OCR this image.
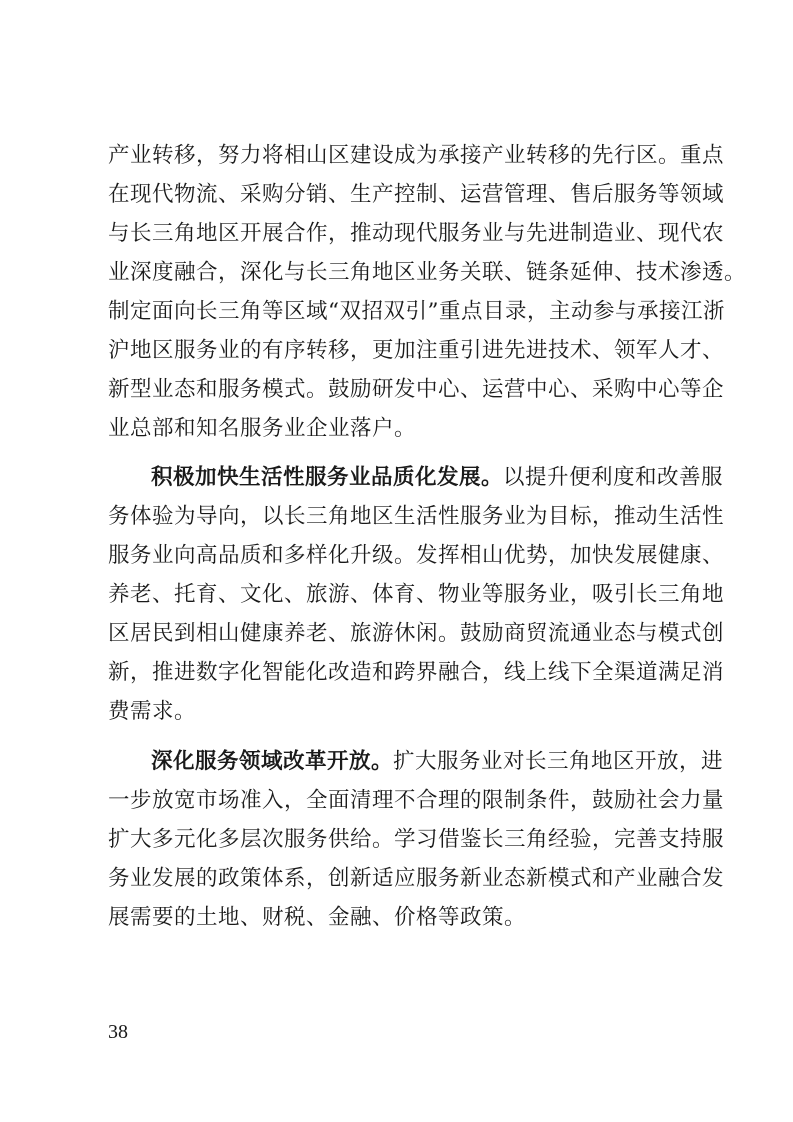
产业转移，努力将相山区建设成为承接产业转移的先行区。重点
在现代物流、采购分销、生产控制、运营管理、售后服务等领域
与长三角地区开展合作，推动现代服务业与先进制造业、现代农
业深度融合，深化与长三角地区业务关联、链条延伸、技术渗透。
制定面向长三角等区域“双招双引”重点目录，主动参与承接江浙
沪地区服务业的有序转移，更加注重引进先进技术、领军人才、
新型业态和服务模式。鼓励研发中心、运营中心、采购中心等企
业总部和知名服务业企业落户。
积极加快生活性服务业品质化发展。以提升便利度和改善服
务体验为导向，以长三角地区生活性服务业为目标，推动生活性
服务业向高品质和多样化升级。发挥相山优势，加快发展健康、
养老、托育、文化、旅游、体育、物业等服务业，吸引长三角地
区居民到相山健康养老、旅游休闲。鼓励商贸流通业态与模式创
新，推进数字化智能化改造和跨界融合，线上线下全渠道满足消
费需求。
深化服务领域改革开放。扩大服务业对长三角地区开放，进
一步放宽市场准入，全面清理不合理的限制条件，鼓励社会力量
扩大多元化多层次服务供给。学习借鉴长三角经验，完善支持服
务业发展的政策体系，创新适应服务新业态新模式和产业融合发
展需要的土地、财税、金融、价格等政策。
38
